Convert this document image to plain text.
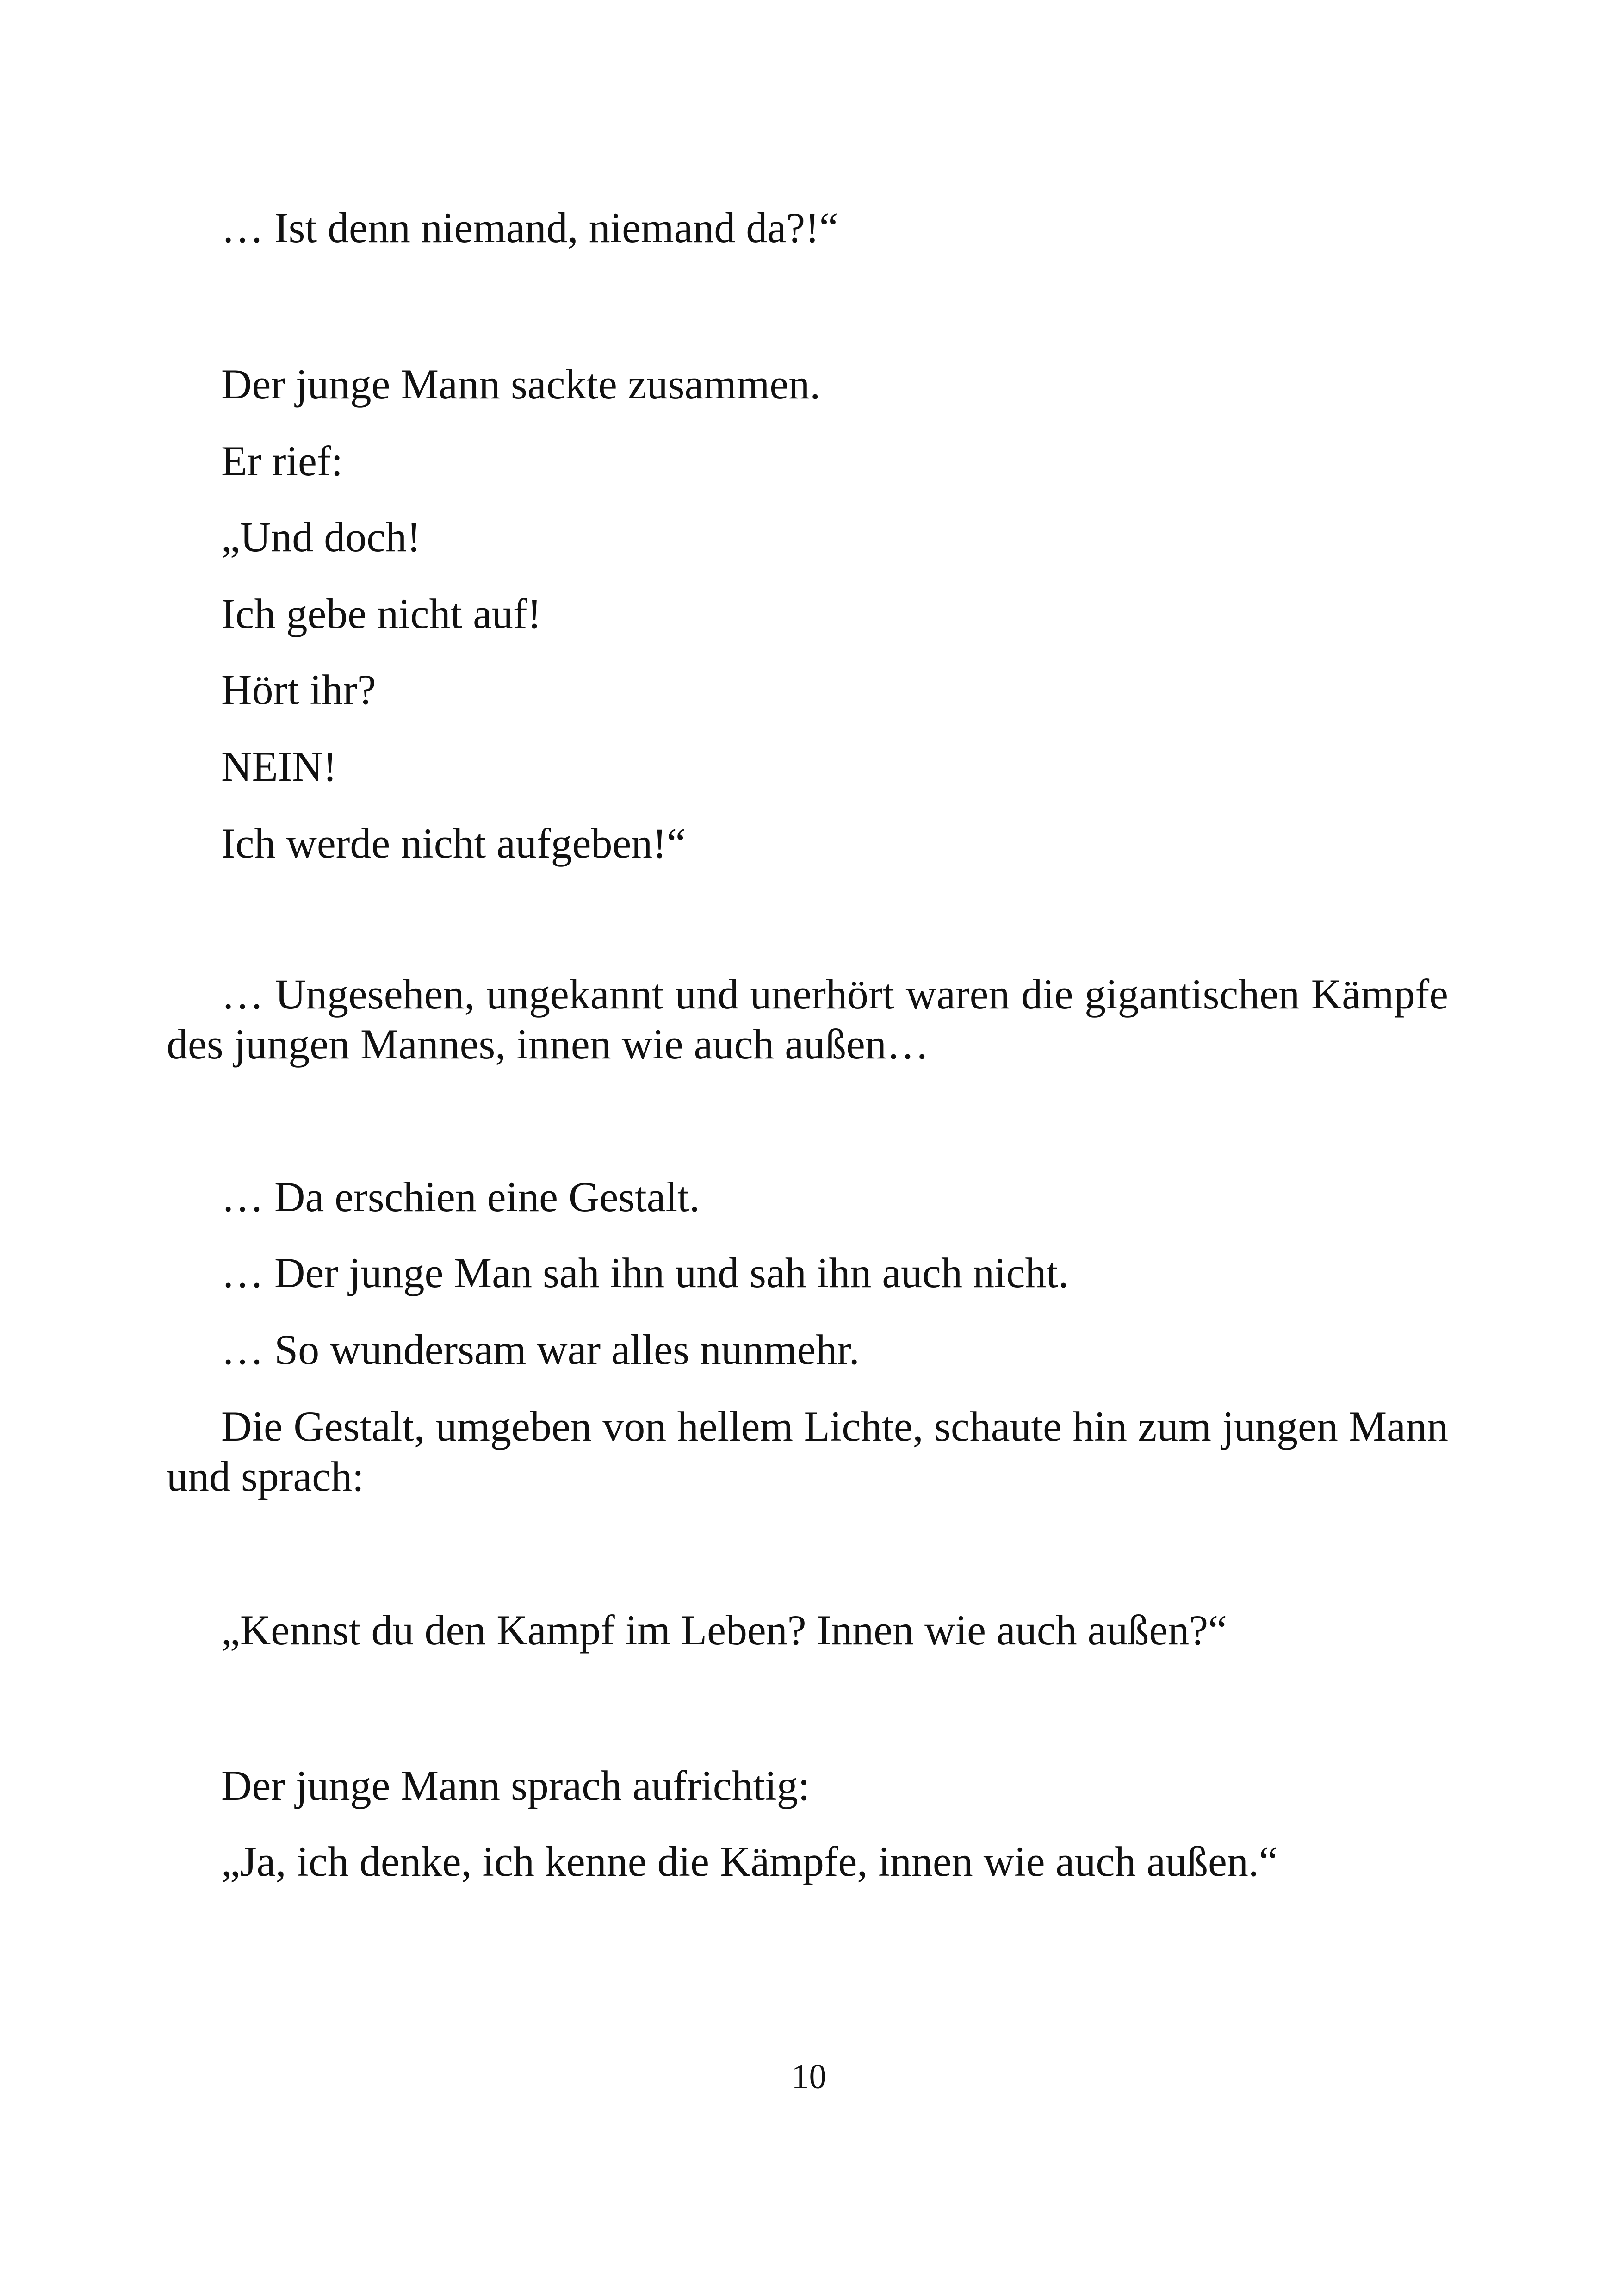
… Ist denn niemand, niemand da?!“

Der junge Mann sackte zusammen.

Er rief:

„Und doch!

Ich gebe nicht auf!

Hört ihr?

NEIN!

Ich werde nicht aufgeben!“

… Ungesehen, ungekannt und unerhört waren die gigantischen Kämpfe des jungen Mannes, innen wie auch außen…

… Da erschien eine Gestalt.

… Der junge Man sah ihn und sah ihn auch nicht.

… So wundersam war alles nunmehr.

Die Gestalt, umgeben von hellem Lichte, schaute hin zum jungen Mann und sprach:

„Kennst du den Kampf im Leben? Innen wie auch außen?“

Der junge Mann sprach aufrichtig:

„Ja, ich denke, ich kenne die Kämpfe, innen wie auch außen.“

10
